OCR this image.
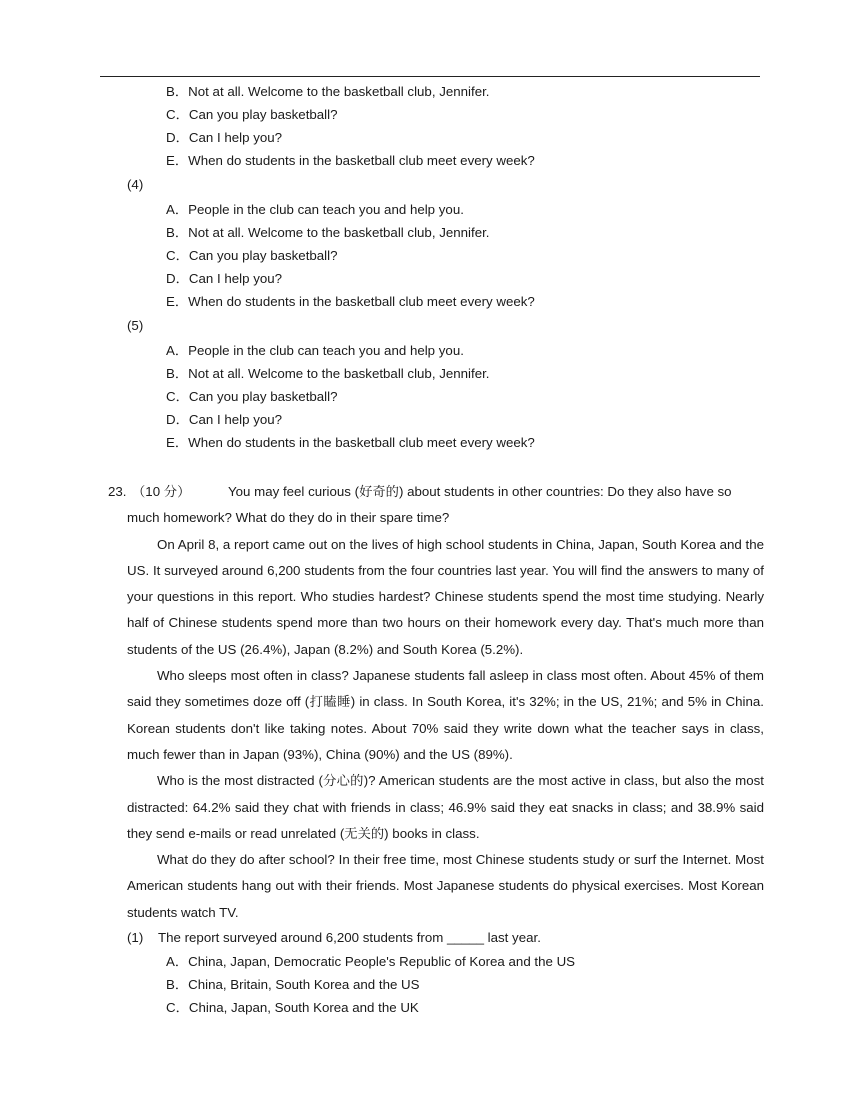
B．Not at all. Welcome to the basketball club, Jennifer.
C．Can you play basketball?
D．Can I help you?
E．When do students in the basketball club meet every week?
(4)
A．People in the club can teach you and help you.
B．Not at all. Welcome to the basketball club, Jennifer.
C．Can you play basketball?
D．Can I help you?
E．When do students in the basketball club meet every week?
(5)
A．People in the club can teach you and help you.
B．Not at all. Welcome to the basketball club, Jennifer.
C．Can you play basketball?
D．Can I help you?
E．When do students in the basketball club meet every week?

23. （10 分）	You may feel curious (好奇的) about students in other countries: Do they also have so

much homework? What do they do in their spare time?

On April 8, a report came out on the lives of high school students in China, Japan, South Korea and the US. It surveyed around 6,200 students from the four countries last year. You will find the answers to many of your questions in this report. Who studies hardest? Chinese students spend the most time studying. Nearly half of Chinese students spend more than two hours on their homework every day. That's much more than students of the US (26.4%), Japan (8.2%) and South Korea (5.2%).

Who sleeps most often in class? Japanese students fall asleep in class most often. About 45% of them said they sometimes doze off (打瞌睡) in class. In South Korea, it's 32%; in the US, 21%; and 5% in China. Korean students don't like taking notes. About 70% said they write down what the teacher says in class, much fewer than in Japan (93%), China (90%) and the US (89%).

Who is the most distracted (分心的)? American students are the most active in class, but also the most distracted: 64.2% said they chat with friends in class; 46.9% said they eat snacks in class; and 38.9% said they send e-mails or read unrelated (无关的) books in class.

What do they do after school? In their free time, most Chinese students study or surf the Internet. Most American students hang out with their friends. Most Japanese students do physical exercises. Most Korean students watch TV.

(1) The report surveyed around 6,200 students from _____ last year.
A．China, Japan, Democratic People's Republic of Korea and the US
B．China, Britain, South Korea and the US
C．China, Japan, South Korea and the UK
